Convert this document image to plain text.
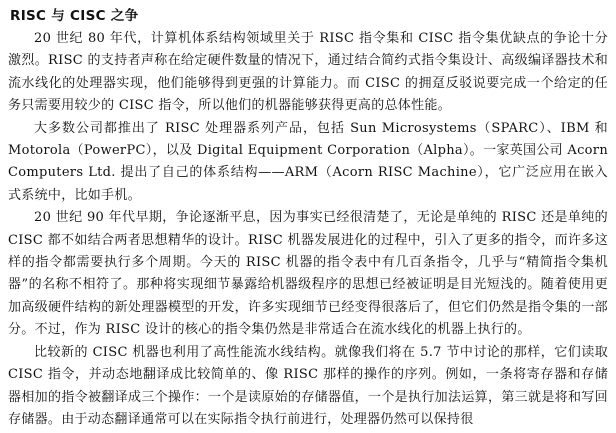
RISC 与 CISC 之争

20 世纪 80 年代，计算机体系结构领域里关于 RISC 指令集和 CISC 指令集优缺点的争论十分激烈。RISC 的支持者声称在给定硬件数量的情况下，通过结合简约式指令集设计、高级编译器技术和流水线化的处理器实现，他们能够得到更强的计算能力。而 CISC 的拥趸反驳说要完成一个给定的任务只需要用较少的 CISC 指令，所以他们的机器能够获得更高的总体性能。

大多数公司都推出了 RISC 处理器系列产品，包括 Sun Microsystems（SPARC）、IBM 和 Motorola（PowerPC），以及 Digital Equipment Corporation（Alpha）。一家英国公司 Acorn Computers Ltd. 提出了自己的体系结构——ARM（Acorn RISC Machine），它广泛应用在嵌入式系统中，比如手机。

20 世纪 90 年代早期，争论逐渐平息，因为事实已经很清楚了，无论是单纯的 RISC 还是单纯的 CISC 都不如结合两者思想精华的设计。RISC 机器发展进化的过程中，引入了更多的指令，而许多这样的指令都需要执行多个周期。今天的 RISC 机器的指令表中有几百条指令，几乎与“精简指令集机器”的名称不相符了。那种将实现细节暴露给机器级程序的思想已经被证明是目光短浅的。随着使用更加高级硬件结构的新处理器模型的开发，许多实现细节已经变得很落后了，但它们仍然是指令集的一部分。不过，作为 RISC 设计的核心的指令集仍然是非常适合在流水线化的机器上执行的。

比较新的 CISC 机器也利用了高性能流水线结构。就像我们将在 5.7 节中讨论的那样，它们读取 CISC 指令，并动态地翻译成比较简单的、像 RISC 那样的操作的序列。例如，一条将寄存器和存储器相加的指令被翻译成三个操作：一个是读原始的存储器值，一个是执行加法运算，第三就是将和写回存储器。由于动态翻译通常可以在实际指令执行前进行，处理器仍然可以保持很
